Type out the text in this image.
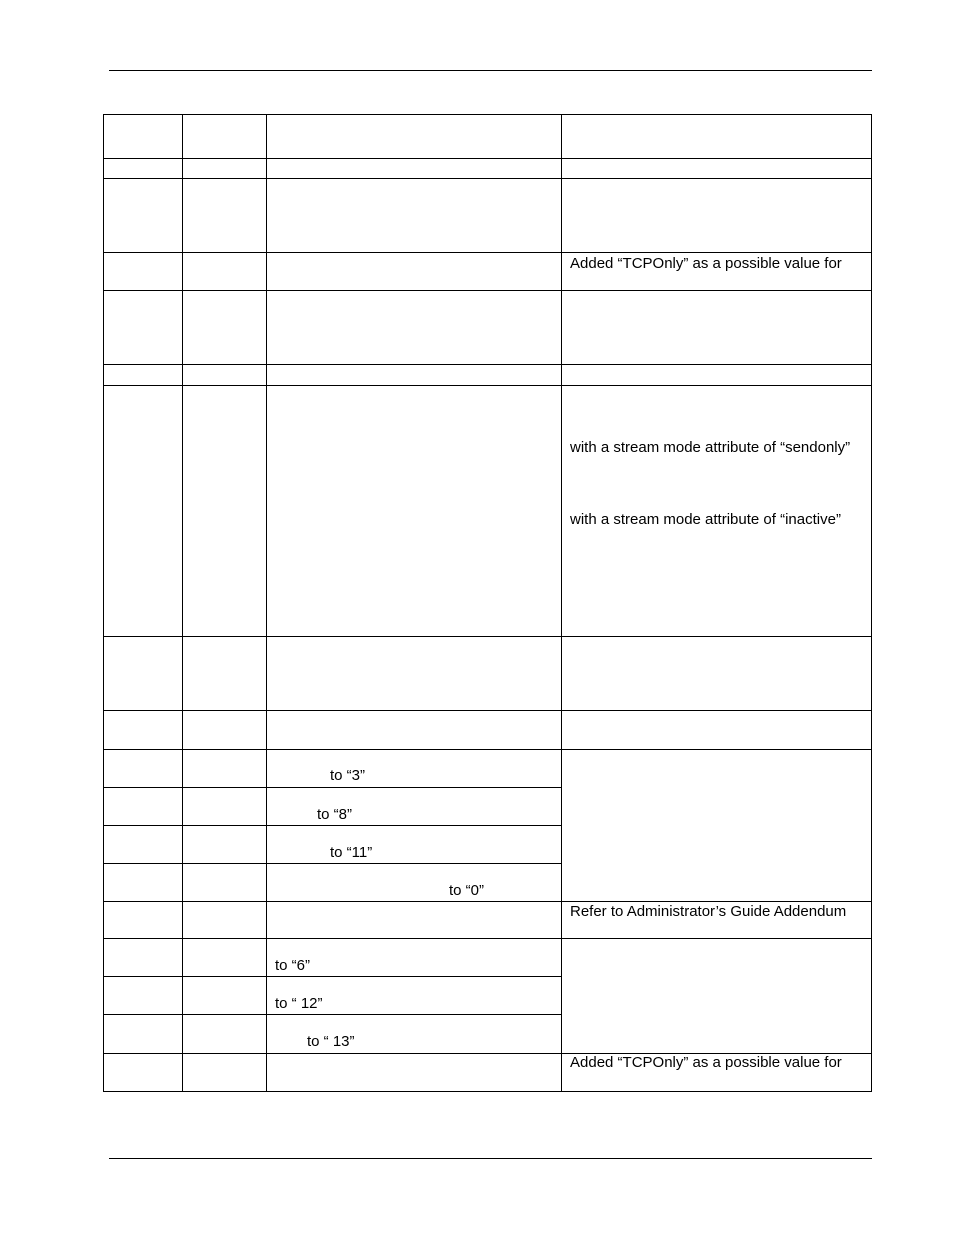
			Added “TCPOnly” as a possible value for

			with a stream mode attribute of “sendonly”
with a stream mode attribute of “inactive”

		to “3”	

		to “8”	

		to “11”	

		to “0”	

			Refer to Administrator’s Guide Addendum

		to “6”	

		to “ 12”	

		to “ 13”	

			Added “TCPOnly” as a possible value for
